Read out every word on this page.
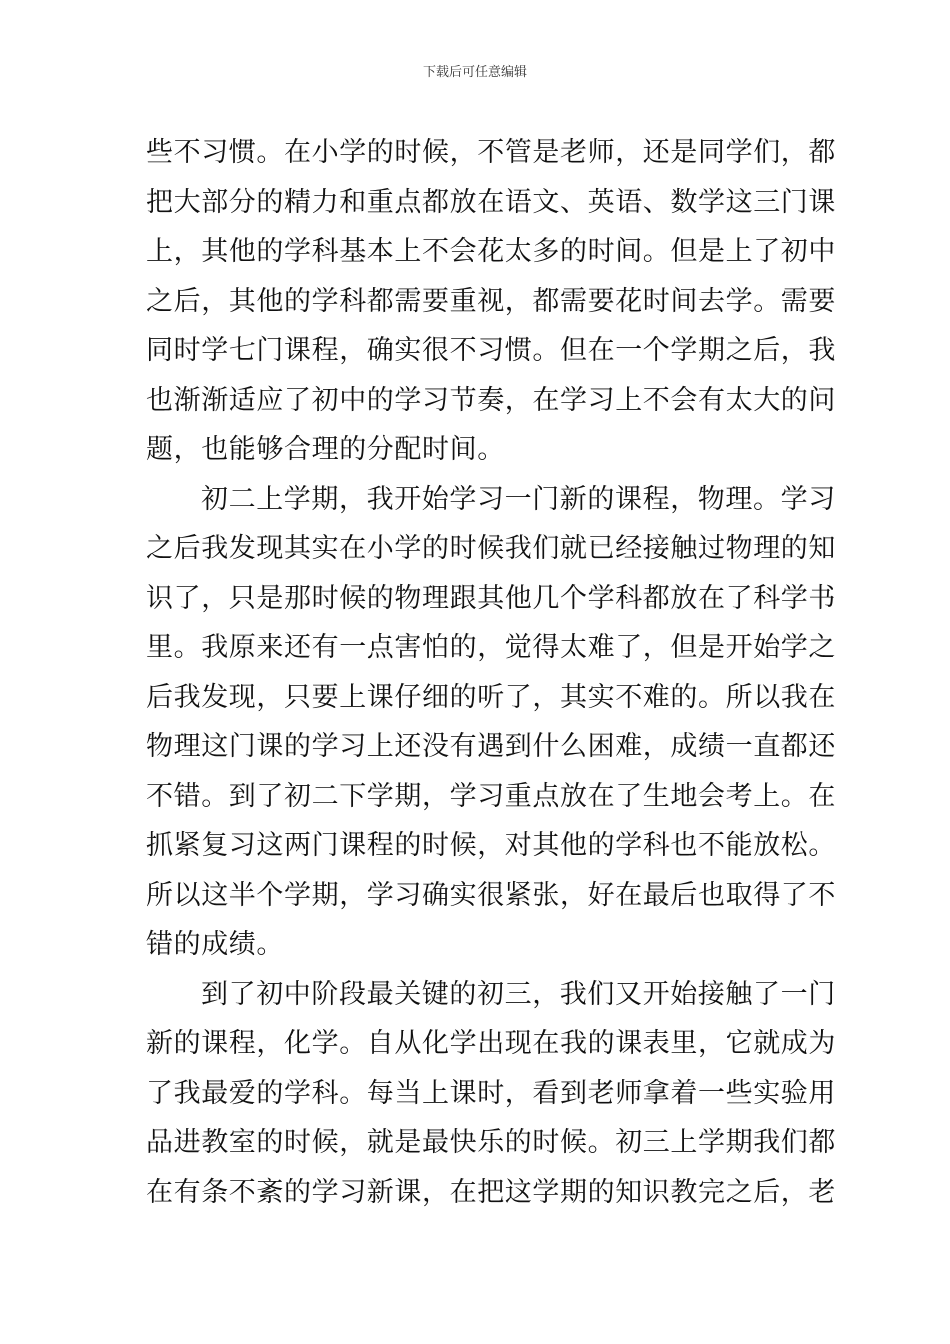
下载后可任意编辑
些不习惯。在小学的时候，不管是老师，还是同学们，都
把大部分的精力和重点都放在语文、英语、数学这三门课
上，其他的学科基本上不会花太多的时间。但是上了初中
之后，其他的学科都需要重视，都需要花时间去学。需要
同时学七门课程，确实很不习惯。但在一个学期之后，我
也渐渐适应了初中的学习节奏，在学习上不会有太大的问
题，也能够合理的分配时间。
初二上学期，我开始学习一门新的课程，物理。学习
之后我发现其实在小学的时候我们就已经接触过物理的知
识了，只是那时候的物理跟其他几个学科都放在了科学书
里。我原来还有一点害怕的，觉得太难了，但是开始学之
后我发现，只要上课仔细的听了，其实不难的。所以我在
物理这门课的学习上还没有遇到什么困难，成绩一直都还
不错。到了初二下学期，学习重点放在了生地会考上。在
抓紧复习这两门课程的时候，对其他的学科也不能放松。
所以这半个学期，学习确实很紧张，好在最后也取得了不
错的成绩。
到了初中阶段最关键的初三，我们又开始接触了一门
新的课程，化学。自从化学出现在我的课表里，它就成为
了我最爱的学科。每当上课时，看到老师拿着一些实验用
品进教室的时候，就是最快乐的时候。初三上学期我们都
在有条不紊的学习新课，在把这学期的知识教完之后，老
